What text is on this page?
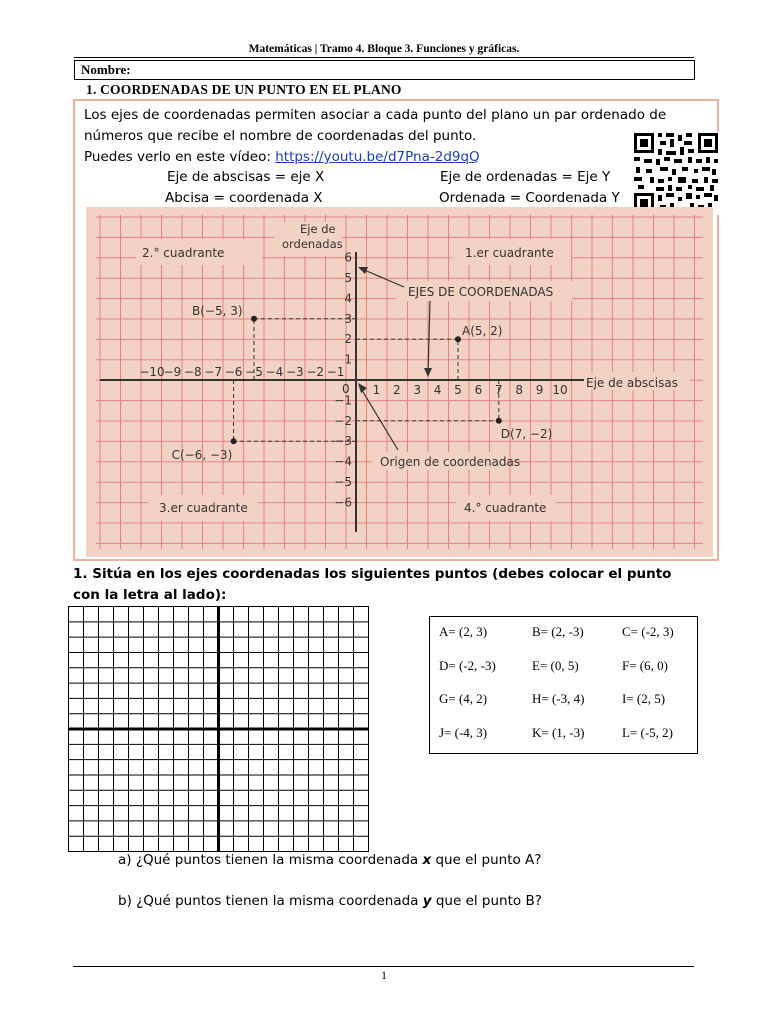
Matemáticas | Tramo 4. Bloque 3. Funciones y gráficas.
Nombre:
1. COORDENADAS DE UN PUNTO EN EL PLANO
Los ejes de coordenadas permiten asociar a cada punto del plano un par ordenado de
números que recibe el nombre de coordenadas del punto.
Puedes verlo en este vídeo: https://youtu.be/d7Pna-2d9qQ
Eje de abscisas = eje X	Eje de ordenadas = Eje Y
Abcisa = coordenada X	Ordenada = Coordenada Y
Eje de
ordenadas
Eje de abscisas
2.° cuadrante	1.er cuadrante
3.er cuadrante	4.° cuadrante
EJES DE COORDENADAS
Origen de coordenadas
0
−10
−9 −8 −7 −6 −5 −4 −3 −2 −1
1 2 3 4 5 6 7 8 9 10
6
5
4
3
2
1
−1
−2
−3
−4
−5
−6
A(5, 2)
B(−5, 3)
C(−6, −3)
D(7, −2)
1. Sitúa en los ejes coordenadas los siguientes puntos (debes colocar el punto con la letra al lado):
A= (2, 3)	B= (2, -3)	C= (-2, 3)
D= (-2, -3)	E= (0, 5)	F= (6, 0)
G= (4, 2)	H= (-3, 4)	I= (2, 5)
J= (-4, 3)	K= (1, -3)	L= (-5, 2)
a) ¿Qué puntos tienen la misma coordenada x que el punto A?
b) ¿Qué puntos tienen la misma coordenada y que el punto B?
1
